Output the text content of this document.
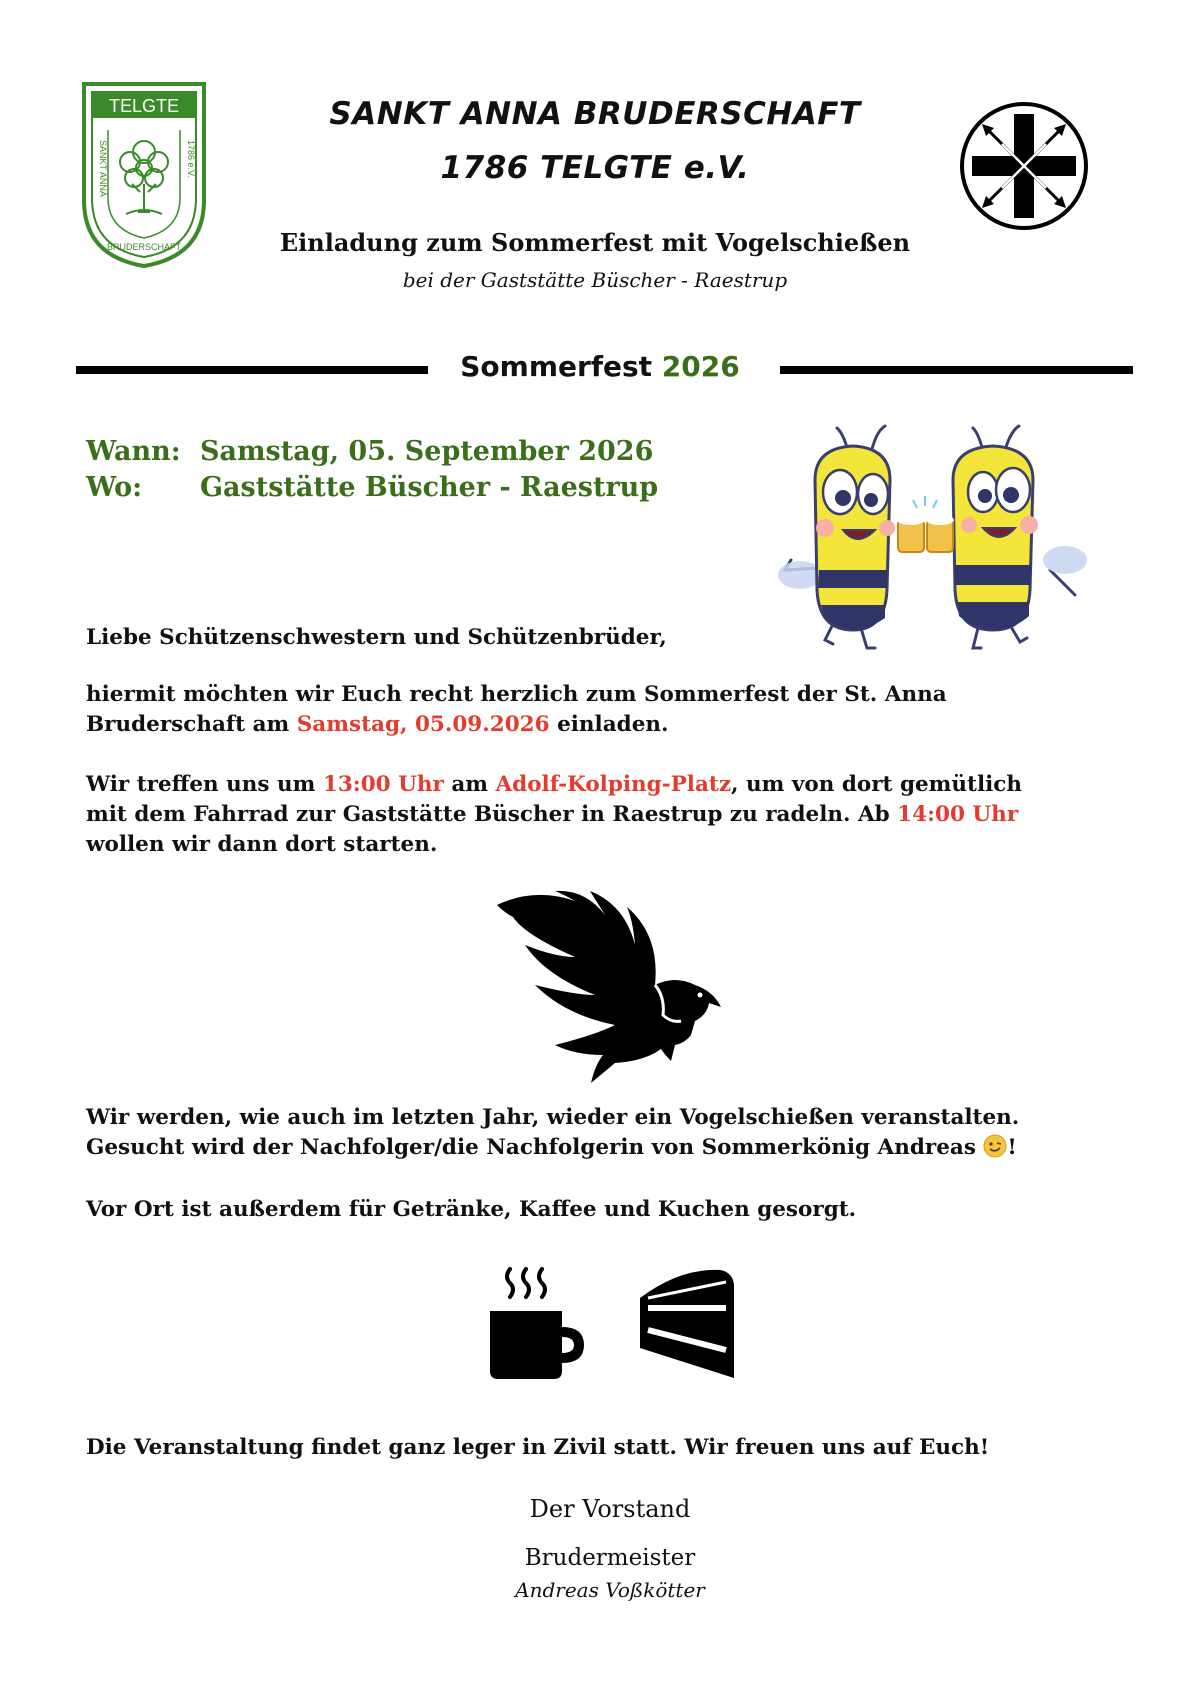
TELGTE
SANKT ANNA	1786 e.V.
BRUDERSCHAFT
SANKT ANNA BRUDERSCHAFT
1786 TELGTE e.V.
Einladung zum Sommerfest mit Vogelschießen
bei der Gaststätte Büscher - Raestrup
Sommerfest 2026
Wann: Samstag, 05. September 2026
Wo: Gaststätte Büscher - Raestrup
Liebe Schützenschwestern und Schützenbrüder,
hiermit möchten wir Euch recht herzlich zum Sommerfest der St. Anna
Bruderschaft am Samstag, 05.09.2026 einladen.
Wir treffen uns um 13:00 Uhr am Adolf-Kolping-Platz, um von dort gemütlich
mit dem Fahrrad zur Gaststätte Büscher in Raestrup zu radeln. Ab 14:00 Uhr
wollen wir dann dort starten.
Wir werden, wie auch im letzten Jahr, wieder ein Vogelschießen veranstalten.
Gesucht wird der Nachfolger/die Nachfolgerin von Sommerkönig Andreas !
Vor Ort ist außerdem für Getränke, Kaffee und Kuchen gesorgt.
Die Veranstaltung findet ganz leger in Zivil statt. Wir freuen uns auf Euch!
Der Vorstand
Brudermeister
Andreas Voßkötter
